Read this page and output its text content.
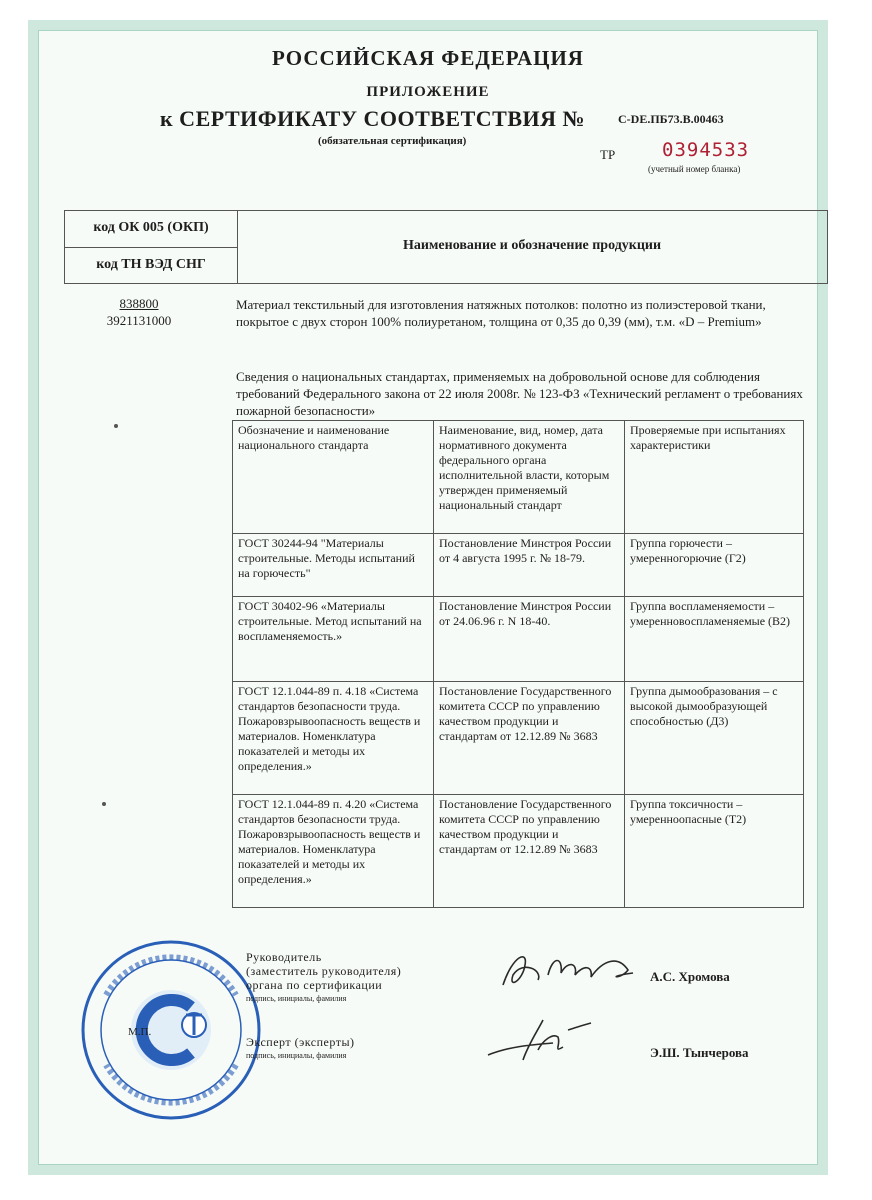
РОССИЙСКАЯ ФЕДЕРАЦИЯ
ПРИЛОЖЕНИЕ
к СЕРТИФИКАТУ СООТВЕТСТВИЯ №	C-DE.ПБ73.В.00463
(обязательная сертификация)
ТР 0394533
(учетный номер бланка)
код ОК 005 (ОКП)
код ТН ВЭД СНГ
Наименование и обозначение продукции
838800
3921131000
Материал текстильный для изготовления натяжных потолков: полотно из полиэстеровой ткани, покрытое с двух сторон 100% полиуретаном, толщина от 0,35 до 0,39 (мм), т.м. «D – Premium»
Сведения о национальных стандартах, применяемых на добровольной основе для соблюдения требований Федерального закона от 22 июля 2008г. № 123-ФЗ «Технический регламент о требованиях пожарной безопасности»
Обозначение и наименование национального стандарта	Наименование, вид, номер, дата нормативного документа федерального органа исполнительной власти, которым утвержден применяемый национальный стандарт	Проверяемые при испытаниях характеристики
ГОСТ 30244-94 "Материалы строительные. Методы испытаний на горючесть"	Постановление Минстроя России от 4 августа 1995 г. № 18-79.	Группа горючести – умеренногорючие (Г2)
ГОСТ 30402-96 «Материалы строительные. Метод испытаний на воспламеняемость.»	Постановление Минстроя России от 24.06.96 г. N 18-40.	Группа воспламеняемости – умеренновоспламеняемые (В2)
ГОСТ 12.1.044-89 п. 4.18 «Система стандартов безопасности труда. Пожаровзрывоопасность веществ и материалов. Номенклатура показателей и методы их определения.»	Постановление Государственного комитета СССР по управлению качеством продукции и стандартам от 12.12.89 № 3683	Группа дымообразования – с высокой дымообразующей способностью (Д3)
ГОСТ 12.1.044-89 п. 4.20 «Система стандартов безопасности труда. Пожаровзрывоопасность веществ и материалов. Номенклатура показателей и методы их определения.»	Постановление Государственного комитета СССР по управлению качеством продукции и стандартам от 12.12.89 № 3683	Группа токсичности – умеренноопасные (Т2)
М.П.
Руководитель
(заместитель руководителя)
органа по сертификации
подпись, инициалы, фамилия
А.С. Хромова
Эксперт (эксперты)
подпись, инициалы, фамилия	Э.Ш. Тынчерова
